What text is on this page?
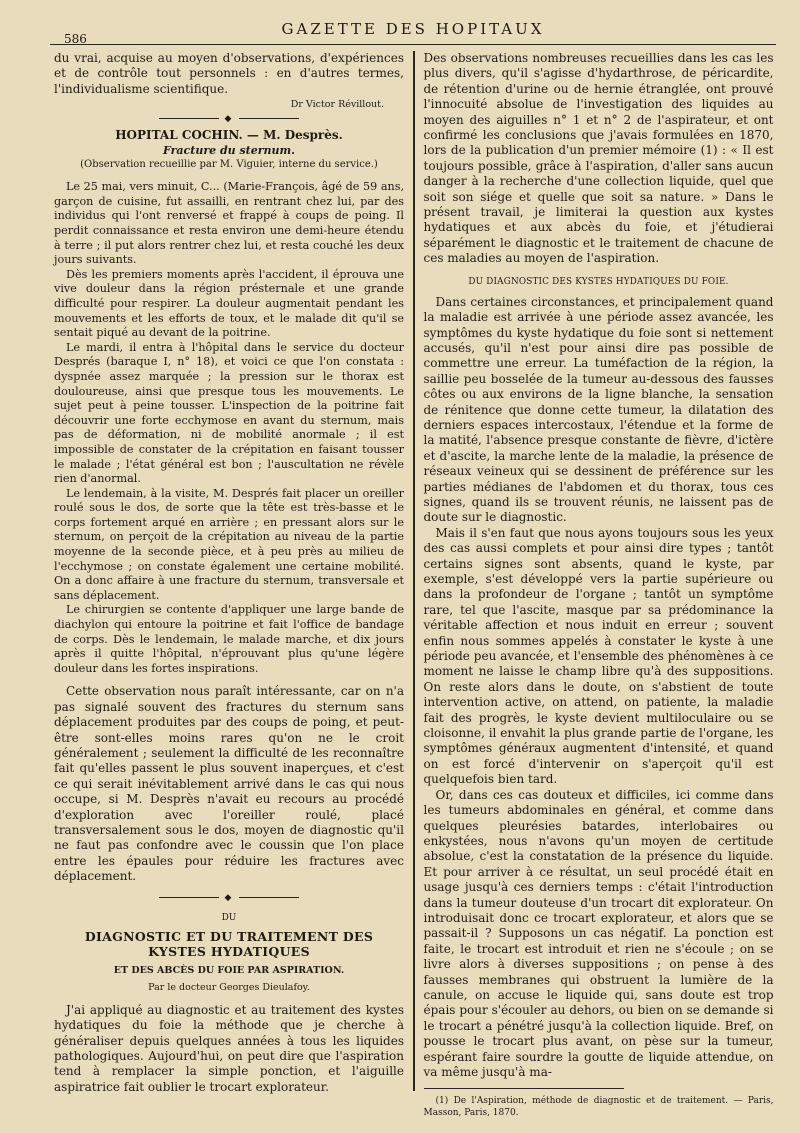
586
GAZETTE DES HOPITAUX

du vrai, acquise au moyen d'observations, d'expériences et de contrôle tout personnels : en d'autres termes, l'individualisme scientifique.

Dr Victor Révillout.
◆
HOPITAL COCHIN. — M. Desprès.
Fracture du sternum.
(Observation recueillie par M. Viguier, interne du service.)

Le 25 mai, vers minuit, C... (Marie-François, âgé de 59 ans, garçon de cuisine, fut assailli, en rentrant chez lui, par des individus qui l'ont renversé et frappé à coups de poing. Il perdit connaissance et resta environ une demi-heure étendu à terre ; il put alors rentrer chez lui, et resta couché les deux jours suivants.

Dès les premiers moments après l'accident, il éprouva une vive douleur dans la région présternale et une grande difficulté pour respirer. La douleur augmentait pendant les mouvements et les efforts de toux, et le malade dit qu'il se sentait piqué au devant de la poitrine.

Le mardi, il entra à l'hôpital dans le service du docteur Després (baraque I, n° 18), et voici ce que l'on constata : dyspnée assez marquée ; la pression sur le thorax est douloureuse, ainsi que presque tous les mouvements. Le sujet peut à peine tousser. L'inspection de la poitrine fait découvrir une forte ecchymose en avant du sternum, mais pas de déformation, ni de mobilité anormale ; il est impossible de constater de la crépitation en faisant tousser le malade ; l'état général est bon ; l'auscultation ne révèle rien d'anormal.

Le lendemain, à la visite, M. Després fait placer un oreiller roulé sous le dos, de sorte que la tête est très-basse et le corps fortement arqué en arrière ; en pressant alors sur le sternum, on perçoit de la crépitation au niveau de la partie moyenne de la seconde pièce, et à peu près au milieu de l'ecchymose ; on constate également une certaine mobilité. On a donc affaire à une fracture du sternum, transversale et sans déplacement.

Le chirurgien se contente d'appliquer une large bande de diachylon qui entoure la poitrine et fait l'office de bandage de corps. Dès le lendemain, le malade marche, et dix jours après il quitte l'hôpital, n'éprouvant plus qu'une légère douleur dans les fortes inspirations.

Cette observation nous paraît intéressante, car on n'a pas signalé souvent des fractures du sternum sans déplacement produites par des coups de poing, et peut-être sont-elles moins rares qu'on ne le croit généralement ; seulement la difficulté de les reconnaître fait qu'elles passent le plus souvent inaperçues, et c'est ce qui serait inévitablement arrivé dans le cas qui nous occupe, si M. Desprès n'avait eu recours au procédé d'exploration avec l'oreiller roulé, placé transversalement sous le dos, moyen de diagnostic qu'il ne faut pas confondre avec le coussin que l'on place entre les épaules pour réduire les fractures avec déplacement.

◆
DU
DIAGNOSTIC ET DU TRAITEMENT DES KYSTES HYDATIQUES
ET DES ABCÈS DU FOIE PAR ASPIRATION.
Par le docteur Georges Dieulafoy.

J'ai appliqué au diagnostic et au traitement des kystes hydatiques du foie la méthode que je cherche à généraliser depuis quelques années à tous les liquides pathologiques. Aujourd'hui, on peut dire que l'aspiration tend à remplacer la simple ponction, et l'aiguille aspiratrice fait oublier le trocart explorateur.

Des observations nombreuses recueillies dans les cas les plus divers, qu'il s'agisse d'hydarthrose, de péricardite, de rétention d'urine ou de hernie étranglée, ont prouvé l'innocuité absolue de l'investigation des liquides au moyen des aiguilles n° 1 et n° 2 de l'aspirateur, et ont confirmé les conclusions que j'avais formulées en 1870, lors de la publication d'un premier mémoire (1) : « Il est toujours possible, grâce à l'aspiration, d'aller sans aucun danger à la recherche d'une collection liquide, quel que soit son siége et quelle que soit sa nature. » Dans le présent travail, je limiterai la question aux kystes hydatiques et aux abcès du foie, et j'étudierai séparément le diagnostic et le traitement de chacune de ces maladies au moyen de l'aspiration.

DU DIAGNOSTIC DES KYSTES HYDATIQUES DU FOIE.

Dans certaines circonstances, et principalement quand la maladie est arrivée à une période assez avancée, les symptômes du kyste hydatique du foie sont si nettement accusés, qu'il n'est pour ainsi dire pas possible de commettre une erreur. La tuméfaction de la région, la saillie peu bosselée de la tumeur au-dessous des fausses côtes ou aux environs de la ligne blanche, la sensation de rénitence que donne cette tumeur, la dilatation des derniers espaces intercostaux, l'étendue et la forme de la matité, l'absence presque constante de fièvre, d'ictère et d'ascite, la marche lente de la maladie, la présence de réseaux veineux qui se dessinent de préférence sur les parties médianes de l'abdomen et du thorax, tous ces signes, quand ils se trouvent réunis, ne laissent pas de doute sur le diagnostic.

Mais il s'en faut que nous ayons toujours sous les yeux des cas aussi complets et pour ainsi dire types ; tantôt certains signes sont absents, quand le kyste, par exemple, s'est développé vers la partie supérieure ou dans la profondeur de l'organe ; tantôt un symptôme rare, tel que l'ascite, masque par sa prédominance la véritable affection et nous induit en erreur ; souvent enfin nous sommes appelés à constater le kyste à une période peu avancée, et l'ensemble des phénomènes à ce moment ne laisse le champ libre qu'à des suppositions. On reste alors dans le doute, on s'abstient de toute intervention active, on attend, on patiente, la maladie fait des progrès, le kyste devient multiloculaire ou se cloisonne, il envahit la plus grande partie de l'organe, les symptômes généraux augmentent d'intensité, et quand on est forcé d'intervenir on s'aperçoit qu'il est quelquefois bien tard.

Or, dans ces cas douteux et difficiles, ici comme dans les tumeurs abdominales en général, et comme dans quelques pleurésies batardes, interlobaires ou enkystées, nous n'avons qu'un moyen de certitude absolue, c'est la constatation de la présence du liquide. Et pour arriver à ce résultat, un seul procédé était en usage jusqu'à ces derniers temps : c'était l'introduction dans la tumeur douteuse d'un trocart dit explorateur. On introduisait donc ce trocart explorateur, et alors que se passait-il ? Supposons un cas négatif. La ponction est faite, le trocart est introduit et rien ne s'écoule ; on se livre alors à diverses suppositions ; on pense à des fausses membranes qui obstruent la lumière de la canule, on accuse le liquide qui, sans doute est trop épais pour s'écouler au dehors, ou bien on se demande si le trocart a pénétré jusqu'à la collection liquide. Bref, on pousse le trocart plus avant, on pèse sur la tumeur, espérant faire sourdre la goutte de liquide attendue, on va même jusqu'à ma-

(1) De l'Aspiration, méthode de diagnostic et de traitement. — Paris, Masson, Paris, 1870.
